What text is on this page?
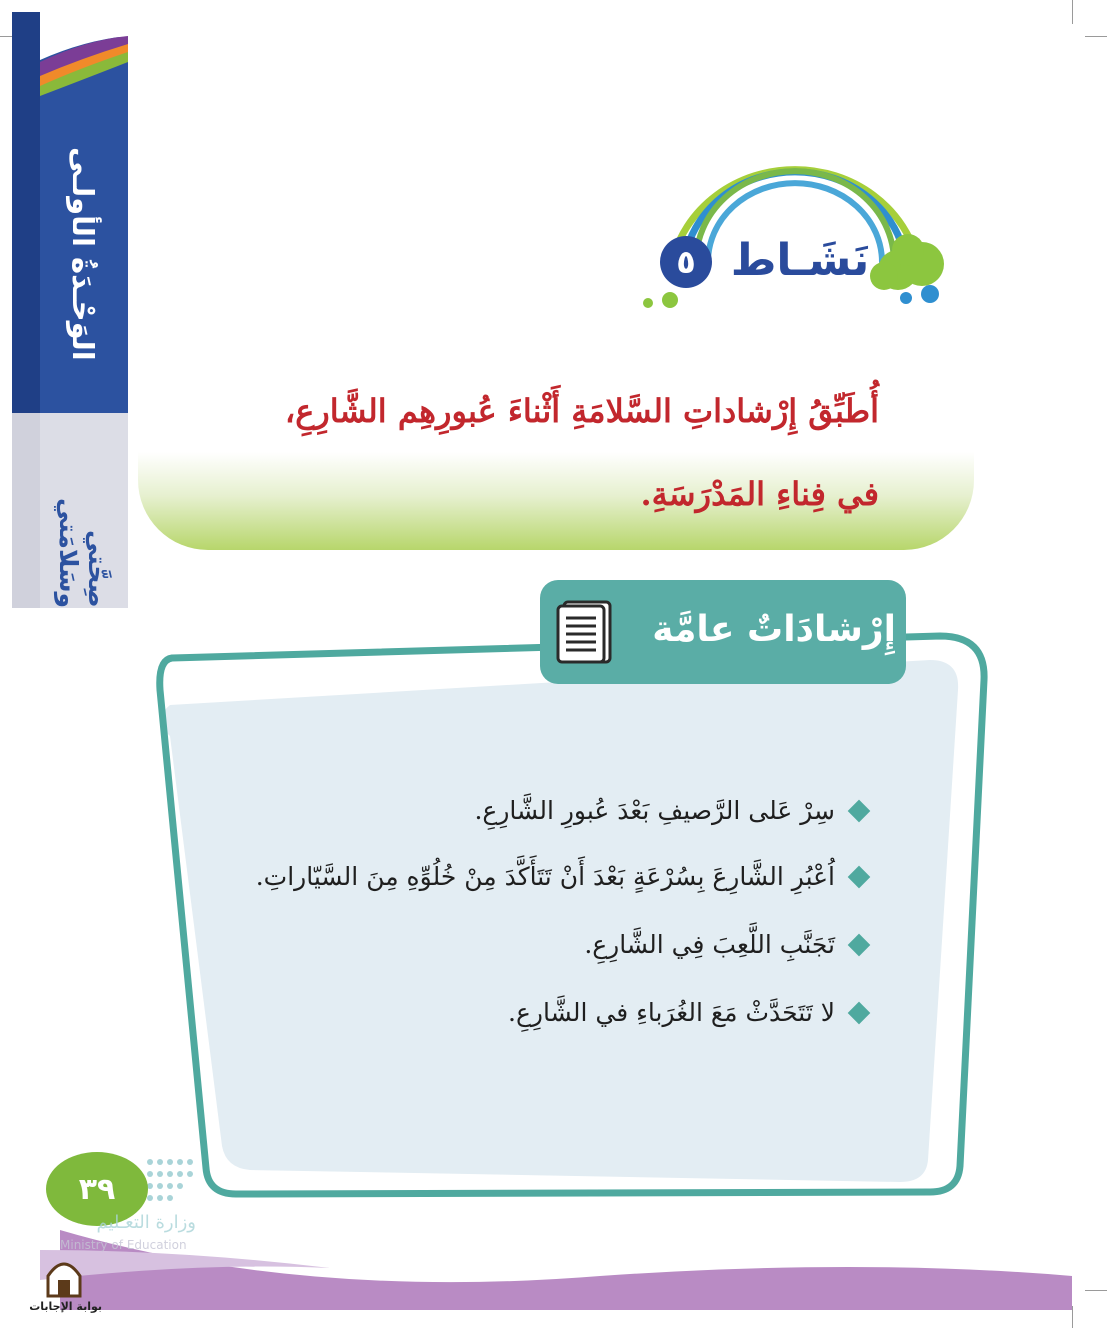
الوَحْـدَةُ الأولـى
صِحَّتي وسَلامَتي
نَشَـاط
٥
أُطَبِّقُ إِرْشاداتِ السَّلامَةِ أَثْناءَ عُبورِهِم الشَّارِعِ،
في فِناءِ المَدْرَسَةِ.
إِرْشادَاتٌ عامَّة
سِرْ عَلى الرَّصيفِ بَعْدَ عُبورِ الشَّارِعِ.
اُعْبُرِ الشَّارِعَ بِسُرْعَةٍ بَعْدَ أَنْ تَتَأَكَّدَ مِنْ خُلُوِّهِ مِنَ السَّيّاراتِ.
تَجَنَّبِ اللَّعِبَ فِي الشَّارِعِ.
لا تَتَحَدَّثْ مَعَ الغُرَباءِ في الشَّارِعِ.
٣٩
وزارة التعـليم
Ministry of Education
بوابة الإجابات
